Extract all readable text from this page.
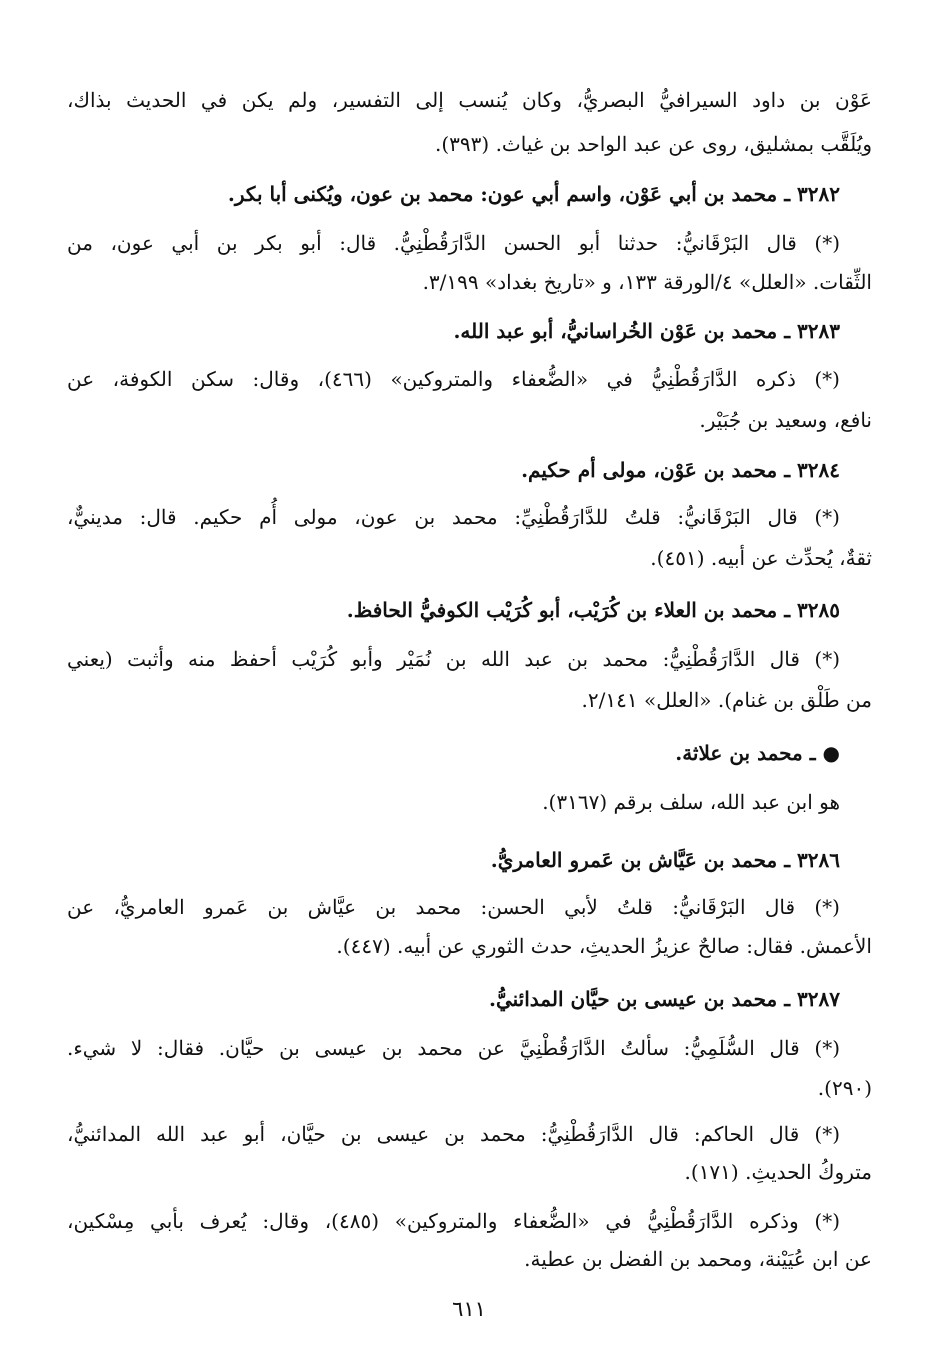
عَوْن بن داود السيرافيُّ البصريُّ، وكان يُنسب إلى التفسير، ولم يكن في الحديث بذاك،
ويُلَقَّب بمشليق، روى عن عبد الواحد بن غياث. (٣٩٣).
٣٢٨٢ ـ محمد بن أبي عَوْن، واسم أبي عون: محمد بن عون، ويُكنى أبا بكر.
(*) قال البَرْقَانيُّ: حدثنا أبو الحسن الدَّارَقُطْنِيُّ. قال: أبو بكر بن أبي عون، من
الثِّقات. «العلل» ٤/الورقة ١٣٣، و «تاريخ بغداد» ٣/١٩٩.
٣٢٨٣ ـ محمد بن عَوْن الخُراسانيُّ، أبو عبد الله.
(*) ذكره الدَّارَقُطْنِيُّ في «الضُّعفاء والمتروكين» (٤٦٦)، وقال: سكن الكوفة، عن
نافع، وسعيد بن جُبَيْر.
٣٢٨٤ ـ محمد بن عَوْن، مولى أم حكيم.
(*) قال البَرْقَانيُّ: قلتُ للدَّارَقُطْنِيِّ: محمد بن عون، مولى أُم حكيم. قال: مدينيٌّ،
ثقةٌ، يُحدِّث عن أبيه. (٤٥١).
٣٢٨٥ ـ محمد بن العلاء بن كُرَيْب، أبو كُرَيْب الكوفيُّ الحافظ.
(*) قال الدَّارَقُطْنِيُّ: محمد بن عبد الله بن نُمَيْر وأبو كُرَيْب أحفظ منه وأثبت (يعني
من طَلْق بن غنام). «العلل» ٢/١٤١.
● ـ محمد بن علاثة.
هو ابن عبد الله، سلف برقم (٣١٦٧).
٣٢٨٦ ـ محمد بن عَيَّاش بن عَمرو العامريُّ.
(*) قال البَرْقَانيُّ: قلتُ لأبي الحسن: محمد بن عيَّاش بن عَمرو العامريُّ، عن
الأعمش. فقال: صالحٌ عزيزُ الحديثِ، حدث الثوري عن أبيه. (٤٤٧).
٣٢٨٧ ـ محمد بن عيسى بن حيَّان المدائنيُّ.
(*) قال السُّلَمِيُّ: سألتُ الدَّارَقُطْنِيَّ عن محمد بن عيسى بن حيَّان. فقال: لا شيء.
(٢٩٠).
(*) قال الحاكم: قال الدَّارَقُطْنِيُّ: محمد بن عيسى بن حيَّان، أبو عبد الله المدائنيُّ،
متروكُ الحديثِ. (١٧١).
(*) وذكره الدَّارَقُطْنِيُّ في «الضُّعفاء والمتروكين» (٤٨٥)، وقال: يُعرف بأبي مِسْكين،
عن ابن عُيَيْنة، ومحمد بن الفضل بن عطية.
٦١١
